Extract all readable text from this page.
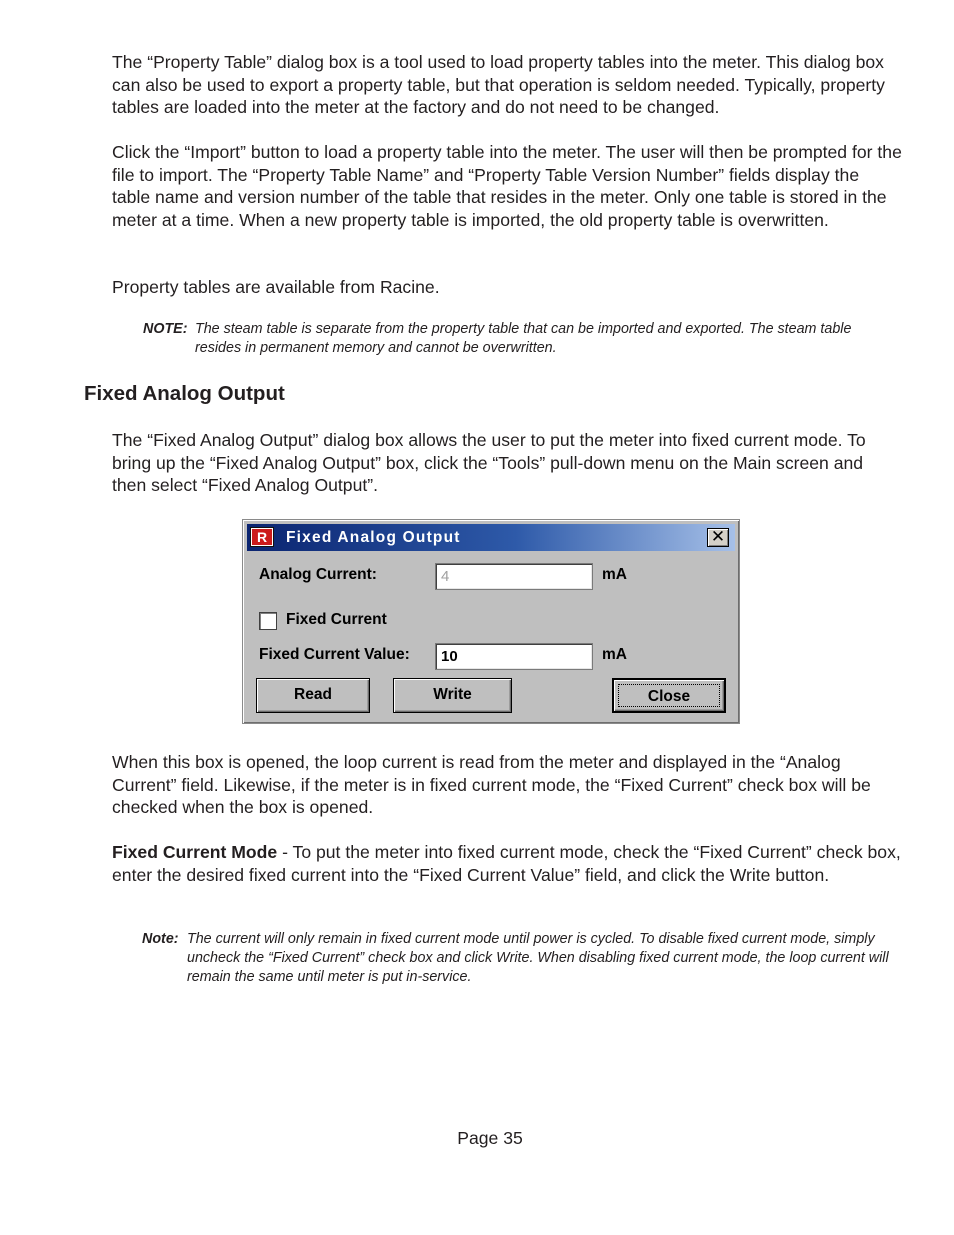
The “Property Table” dialog box is a tool used to load property tables into the meter. This dialog box can also be used to export a property table, but that operation is seldom needed. Typically, property tables are loaded into the meter at the factory and do not need to be changed.

Click the “Import” button to load a property table into the meter. The user will then be prompted for the file to import. The “Property Table Name” and “Property Table Version Number” fields display the table name and version number of the table that resides in the meter. Only one table is stored in the meter at a time. When a new property table is imported, the old property table is overwritten.

Property tables are available from Racine.

NOTE: The steam table is separate from the property table that can be imported and exported. The steam table resides in permanent memory and cannot be overwritten.
Fixed Analog Output

The “Fixed Analog Output” dialog box allows the user to put the meter into fixed current mode. To bring up the “Fixed Analog Output” box, click the “Tools” pull-down menu on the Main screen and then select “Fixed Analog Output”.

R	Fixed Analog Output	✕
Analog Current:	4	mA
Fixed Current
Fixed Current Value:	10	mA
Read	Write	Close

When this box is opened, the loop current is read from the meter and displayed in the “Analog Current” field. Likewise, if the meter is in fixed current mode, the “Fixed Current” check box will be checked when the box is opened.

Fixed Current Mode - To put the meter into fixed current mode, check the “Fixed Current” check box, enter the desired fixed current into the “Fixed Current Value” field, and click the Write button.

Note: The current will only remain in fixed current mode until power is cycled. To disable fixed current mode, simply uncheck the “Fixed Current” check box and click Write. When disabling fixed current mode, the loop current will remain the same until meter is put in-service.
Page 35
